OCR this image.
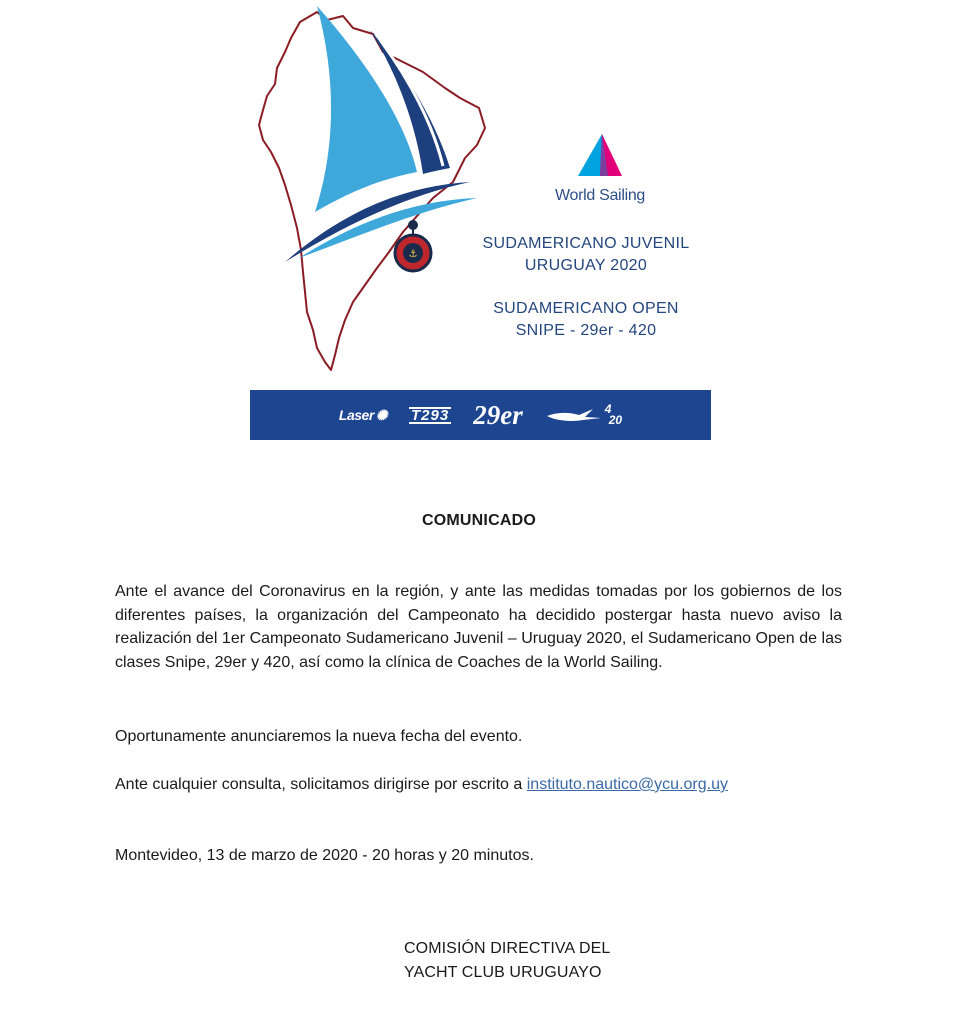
⚓
World Sailing
SUDAMERICANO JUVENIL
URUGUAY 2020
SUDAMERICANO OPEN
SNIPE - 29er - 420
Laser ✺ T293 29er	4
20
COMUNICADO
Ante el avance del Coronavirus en la región, y ante las medidas tomadas por los gobiernos de los diferentes países, la organización del Campeonato ha decidido postergar hasta nuevo aviso la realización del 1er Campeonato Sudamericano Juvenil – Uruguay 2020, el Sudamericano Open de las clases Snipe, 29er y 420, así como la clínica de Coaches de la World Sailing.
Oportunamente anunciaremos la nueva fecha del evento.
Ante cualquier consulta, solicitamos dirigirse por escrito a instituto.nautico@ycu.org.uy
Montevideo, 13 de marzo de 2020 - 20 horas y 20 minutos.
COMISIÓN DIRECTIVA DEL
YACHT CLUB URUGUAYO
